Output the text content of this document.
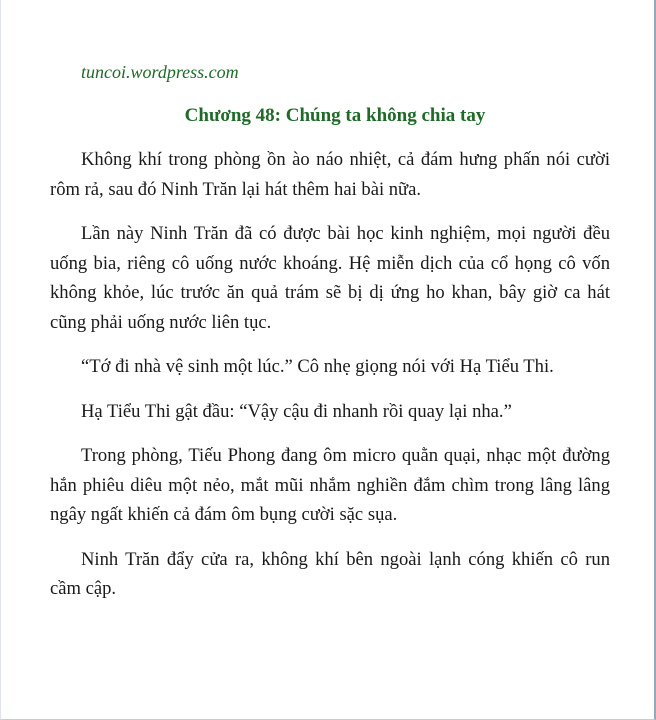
tuncoi.wordpress.com
Chương 48: Chúng ta không chia tay

Không khí trong phòng ồn ào náo nhiệt, cả đám hưng phấn nói cười rôm rả, sau đó Ninh Trăn lại hát thêm hai bài nữa.

Lần này Ninh Trăn đã có được bài học kinh nghiệm, mọi người đều uống bia, riêng cô uống nước khoáng. Hệ miễn dịch của cổ họng cô vốn không khỏe, lúc trước ăn quả trám sẽ bị dị ứng ho khan, bây giờ ca hát cũng phải uống nước liên tục.

“Tớ đi nhà vệ sinh một lúc.” Cô nhẹ giọng nói với Hạ Tiểu Thi.

Hạ Tiểu Thi gật đầu: “Vậy cậu đi nhanh rồi quay lại nha.”

Trong phòng, Tiếu Phong đang ôm micro quằn quại, nhạc một đường hắn phiêu diêu một nẻo, mắt mũi nhắm nghiền đắm chìm trong lâng lâng ngây ngất khiến cả đám ôm bụng cười sặc sụa.

Ninh Trăn đẩy cửa ra, không khí bên ngoài lạnh cóng khiến cô run cầm cập.
